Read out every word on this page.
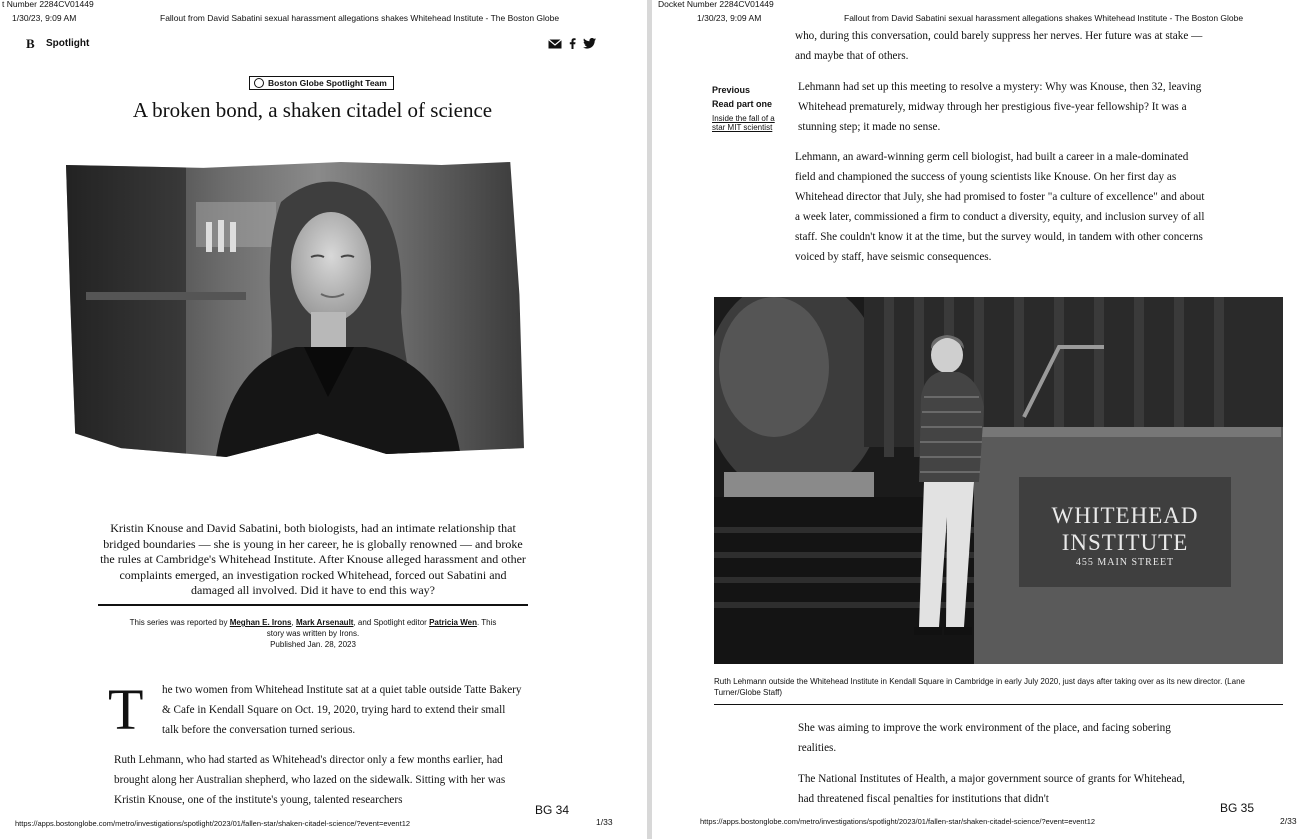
t Number 2284CV01449
1/30/23, 9:09 AM	Fallout from David Sabatini sexual harassment allegations shakes Whitehead Institute - The Boston Globe
B Spotlight
Boston Globe Spotlight Team
A broken bond, a shaken citadel of science
Kristin Knouse and David Sabatini, both biologists, had an intimate relationship that bridged boundaries — she is young in her career, he is globally renowned — and broke the rules at Cambridge's Whitehead Institute. After Knouse alleged harassment and other complaints emerged, an investigation rocked Whitehead, forced out Sabatini and damaged all involved. Did it have to end this way?
This series was reported by Meghan E. Irons, Mark Arsenault, and Spotlight editor Patricia Wen. This story was written by Irons.
Published Jan. 28, 2023
T he two women from Whitehead Institute sat at a quiet table outside Tatte Bakery & Cafe in Kendall Square on Oct. 19, 2020, trying hard to extend their small talk before the conversation turned serious.
Ruth Lehmann, who had started as Whitehead's director only a few months earlier, had brought along her Australian shepherd, who lazed on the sidewalk. Sitting with her was Kristin Knouse, one of the institute's young, talented researchers
BG 34
https://apps.bostonglobe.com/metro/investigations/spotlight/2023/01/fallen-star/shaken-citadel-science/?event=event12	1/33
Docket Number 2284CV01449
1/30/23, 9:09 AM	Fallout from David Sabatini sexual harassment allegations shakes Whitehead Institute - The Boston Globe
who, during this conversation, could barely suppress her nerves. Her future was at stake — and maybe that of others.
Previous
Read part one
Inside the fall of a star MIT scientist
Lehmann had set up this meeting to resolve a mystery: Why was Knouse, then 32, leaving Whitehead prematurely, midway through her prestigious five-year fellowship? It was a stunning step; it made no sense.
Lehmann, an award-winning germ cell biologist, had built a career in a male-dominated field and championed the success of young scientists like Knouse. On her first day as Whitehead director that July, she had promised to foster "a culture of excellence" and about a week later, commissioned a firm to conduct a diversity, equity, and inclusion survey of all staff. She couldn't know it at the time, but the survey would, in tandem with other concerns voiced by staff, have seismic consequences.
WHITEHEAD
INSTITUTE
455 MAIN STREET
Ruth Lehmann outside the Whitehead Institute in Kendall Square in Cambridge in early July 2020, just days after taking over as its new director. (Lane Turner/Globe Staff)
She was aiming to improve the work environment of the place, and facing sobering realities.
The National Institutes of Health, a major government source of grants for Whitehead, had threatened fiscal penalties for institutions that didn't
BG 35
https://apps.bostonglobe.com/metro/investigations/spotlight/2023/01/fallen-star/shaken-citadel-science/?event=event12	2/33
